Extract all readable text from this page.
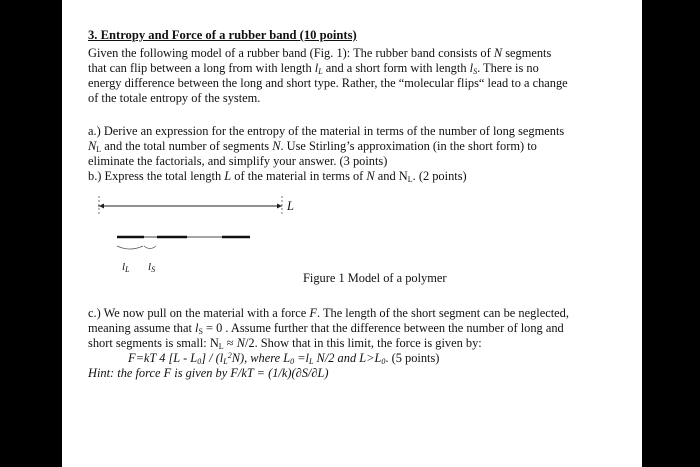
3. Entropy and Force of a rubber band (10 points)
Given the following model of a rubber band (Fig. 1): The rubber band consists of N segments
that can flip between a long from with length $l_L$ and a short form with length $l_S$. There is no
energy difference between the long and short type. Rather, the “molecular flips“ lead to a change
of the totale entropy of the system.
a.) Derive an expression for the entropy of the material in terms of the number of long segments
$N_L$ and the total number of segments N. Use Stirling’s approximation (in the short form) to
eliminate the factorials, and simplify your answer. (3 points)
b.) Express the total length L of the material in terms of N and $N_L$. (2 points)
L
$l_L$ $l_S$
Figure 1 Model of a polymer
c.) We now pull on the material with a force F. The length of the short segment can be neglected,
meaning assume that $l_S = 0$ . Assume further that the difference between the number of long and
short segments is small: $N_L \approx N/2$. Show that in this limit, the force is given by:
F=kT 4 $[L - L_0] / (l_L^2N)$, where $L_0 =l_L$ N/2 and $L>L_0$. (5 points)
Hint: the force F is given by F/kT = (1/k)(∂S/∂L)
